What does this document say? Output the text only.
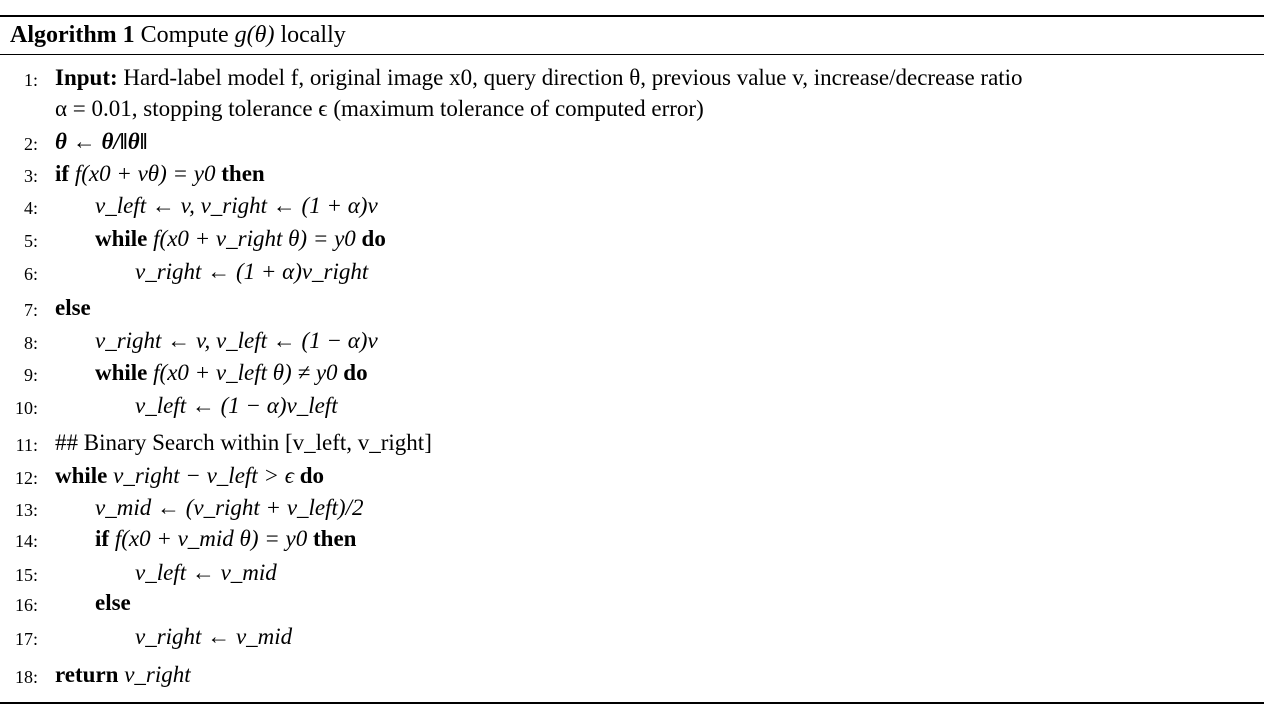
Algorithm 1 Compute g(θ) locally
1: Input: Hard-label model f, original image x0, query direction θ, previous value v, increase/decrease ratio
α = 0.01, stopping tolerance ϵ (maximum tolerance of computed error)
2: θ ← θ/‖θ‖
3: if f(x0 + vθ) = y0 then
4: v_left ← v, v_right ← (1 + α)v
5: while f(x0 + v_right θ) = y0 do
6:	v_right ← (1 + α)v_right
7: else
8: v_right ← v, v_left ← (1 − α)v
9: while f(x0 + v_left θ) ≠ y0 do
10:	v_left ← (1 − α)v_left
11: ## Binary Search within [v_left, v_right]
12: while v_right − v_left > ϵ do
13: v_mid ← (v_right + v_left)/2
14: if f(x0 + v_mid θ) = y0 then
15:	v_left ← v_mid
16: else
17:	v_right ← v_mid
18: return v_right
